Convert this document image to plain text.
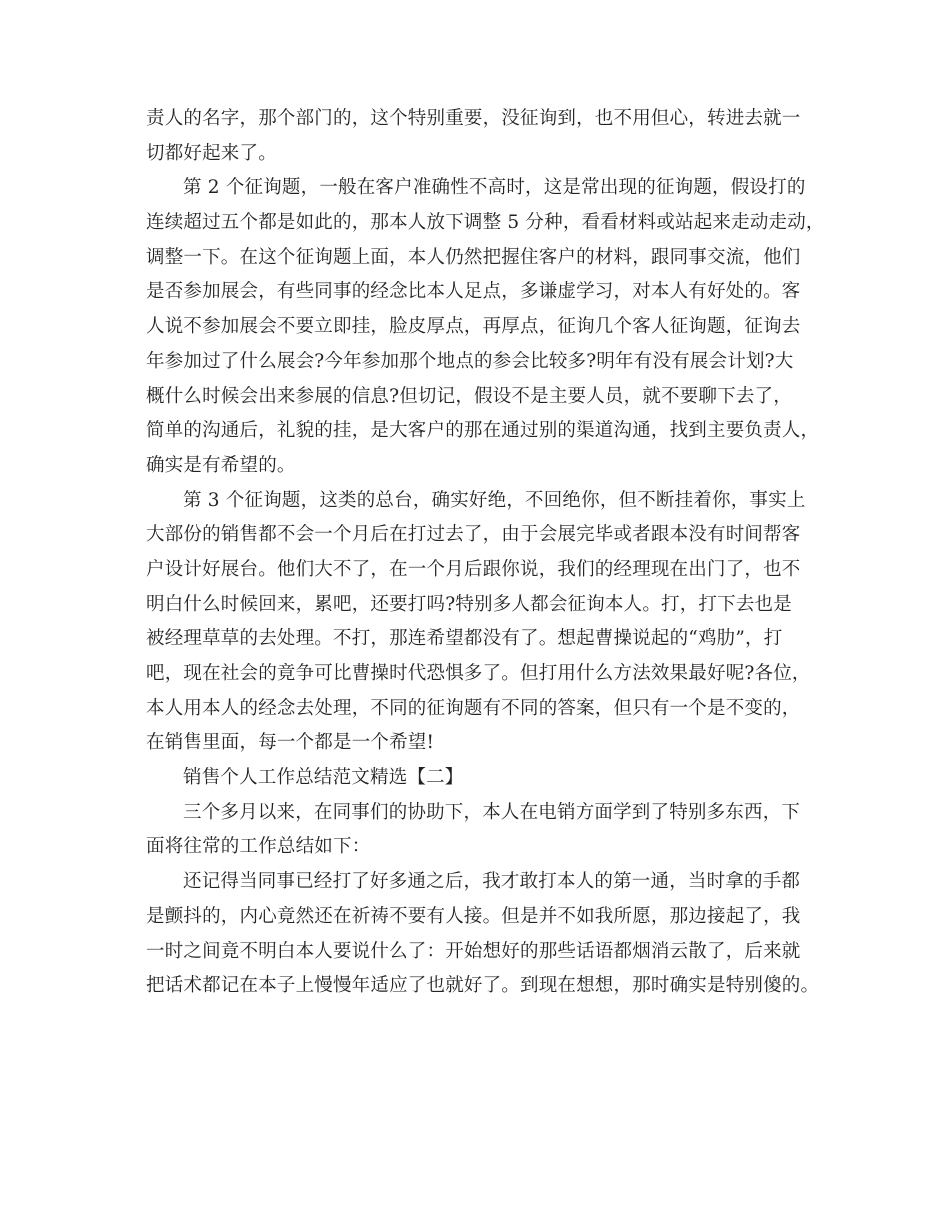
责人的名字，那个部门的，这个特别重要，没征询到，也不用但心，转进去就一
切都好起来了。
第 2 个征询题，一般在客户准确性不高时，这是常出现的征询题，假设打的
连续超过五个都是如此的，那本人放下调整 5 分种，看看材料或站起来走动走动，
调整一下。在这个征询题上面，本人仍然把握住客户的材料，跟同事交流，他们
是否参加展会，有些同事的经念比本人足点，多谦虚学习，对本人有好处的。客
人说不参加展会不要立即挂，脸皮厚点，再厚点，征询几个客人征询题，征询去
年参加过了什么展会?今年参加那个地点的参会比较多?明年有没有展会计划?大
概什么时候会出来参展的信息?但切记，假设不是主要人员，就不要聊下去了，
简单的沟通后，礼貌的挂，是大客户的那在通过别的渠道沟通，找到主要负责人，
确实是有希望的。
第 3 个征询题，这类的总台，确实好绝，不回绝你，但不断挂着你，事实上
大部份的销售都不会一个月后在打过去了，由于会展完毕或者跟本没有时间帮客
户设计好展台。他们大不了，在一个月后跟你说，我们的经理现在出门了，也不
明白什么时候回来，累吧，还要打吗?特别多人都会征询本人。打，打下去也是
被经理草草的去处理。不打，那连希望都没有了。想起曹操说起的“鸡肋”，打
吧，现在社会的竟争可比曹操时代恐惧多了。但打用什么方法效果最好呢?各位，
本人用本人的经念去处理，不同的征询题有不同的答案，但只有一个是不变的，
在销售里面，每一个都是一个希望!
销售个人工作总结范文精选【二】
三个多月以来，在同事们的协助下，本人在电销方面学到了特别多东西，下
面将往常的工作总结如下：
还记得当同事已经打了好多通之后，我才敢打本人的第一通，当时拿的手都
是颤抖的，内心竟然还在祈祷不要有人接。但是并不如我所愿，那边接起了，我
一时之间竟不明白本人要说什么了：开始想好的那些话语都烟消云散了，后来就
把话术都记在本子上慢慢年适应了也就好了。到现在想想，那时确实是特别傻的。
